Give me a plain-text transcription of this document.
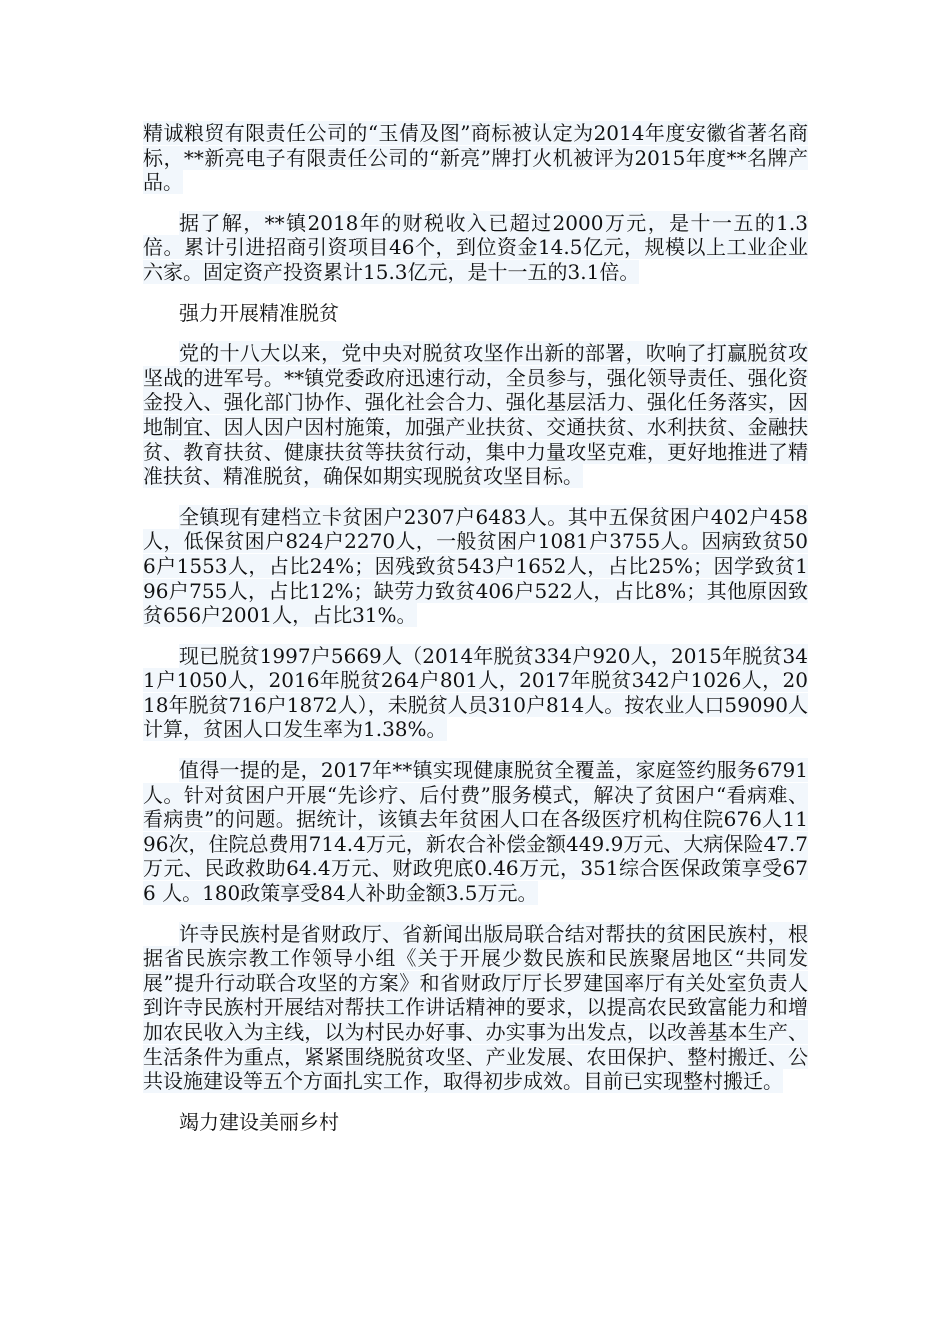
精诚粮贸有限责任公司的“玉倩及图”商标被认定为2014年度安徽省著名商标，**新亮电子有限责任公司的“新亮”牌打火机被评为2015年度**名牌产品。

据了解，**镇2018年的财税收入已超过2000万元，是十一五的1.3倍。累计引进招商引资项目46个，到位资金14.5亿元，规模以上工业企业六家。固定资产投资累计15.3亿元，是十一五的3.1倍。

强力开展精准脱贫

党的十八大以来，党中央对脱贫攻坚作出新的部署，吹响了打赢脱贫攻坚战的进军号。**镇党委政府迅速行动，全员参与，强化领导责任、强化资金投入、强化部门协作、强化社会合力、强化基层活力、强化任务落实，因地制宜、因人因户因村施策，加强产业扶贫、交通扶贫、水利扶贫、金融扶贫、教育扶贫、健康扶贫等扶贫行动，集中力量攻坚克难，更好地推进了精准扶贫、精准脱贫，确保如期实现脱贫攻坚目标。

全镇现有建档立卡贫困户2307户6483人。其中五保贫困户402户458人，低保贫困户824户2270人，一般贫困户1081户3755人。因病致贫506户1553人，占比24%；因残致贫543户1652人，占比25%；因学致贫196户755人，占比12%；缺劳力致贫406户522人，占比8%；其他原因致贫656户2001人，占比31%。

现已脱贫1997户5669人（2014年脱贫334户920人，2015年脱贫341户1050人，2016年脱贫264户801人，2017年脱贫342户1026人，2018年脱贫716户1872人），未脱贫人员310户814人。按农业人口59090人计算，贫困人口发生率为1.38%。

值得一提的是，2017年**镇实现健康脱贫全覆盖，家庭签约服务6791人。针对贫困户开展“先诊疗、后付费”服务模式，解决了贫困户“看病难、看病贵”的问题。据统计，该镇去年贫困人口在各级医疗机构住院676人1196次，住院总费用714.4万元，新农合补偿金额449.9万元、大病保险47.7万元、民政救助64.4万元、财政兜底0.46万元，351综合医保政策享受676 人。180政策享受84人补助金额3.5万元。

许寺民族村是省财政厅、省新闻出版局联合结对帮扶的贫困民族村，根据省民族宗教工作领导小组《关于开展少数民族和民族聚居地区“共同发展”提升行动联合攻坚的方案》和省财政厅厅长罗建国率厅有关处室负责人到许寺民族村开展结对帮扶工作讲话精神的要求，以提高农民致富能力和增加农民收入为主线，以为村民办好事、办实事为出发点，以改善基本生产、生活条件为重点，紧紧围绕脱贫攻坚、产业发展、农田保护、整村搬迁、公共设施建设等五个方面扎实工作，取得初步成效。目前已实现整村搬迁。

竭力建设美丽乡村
